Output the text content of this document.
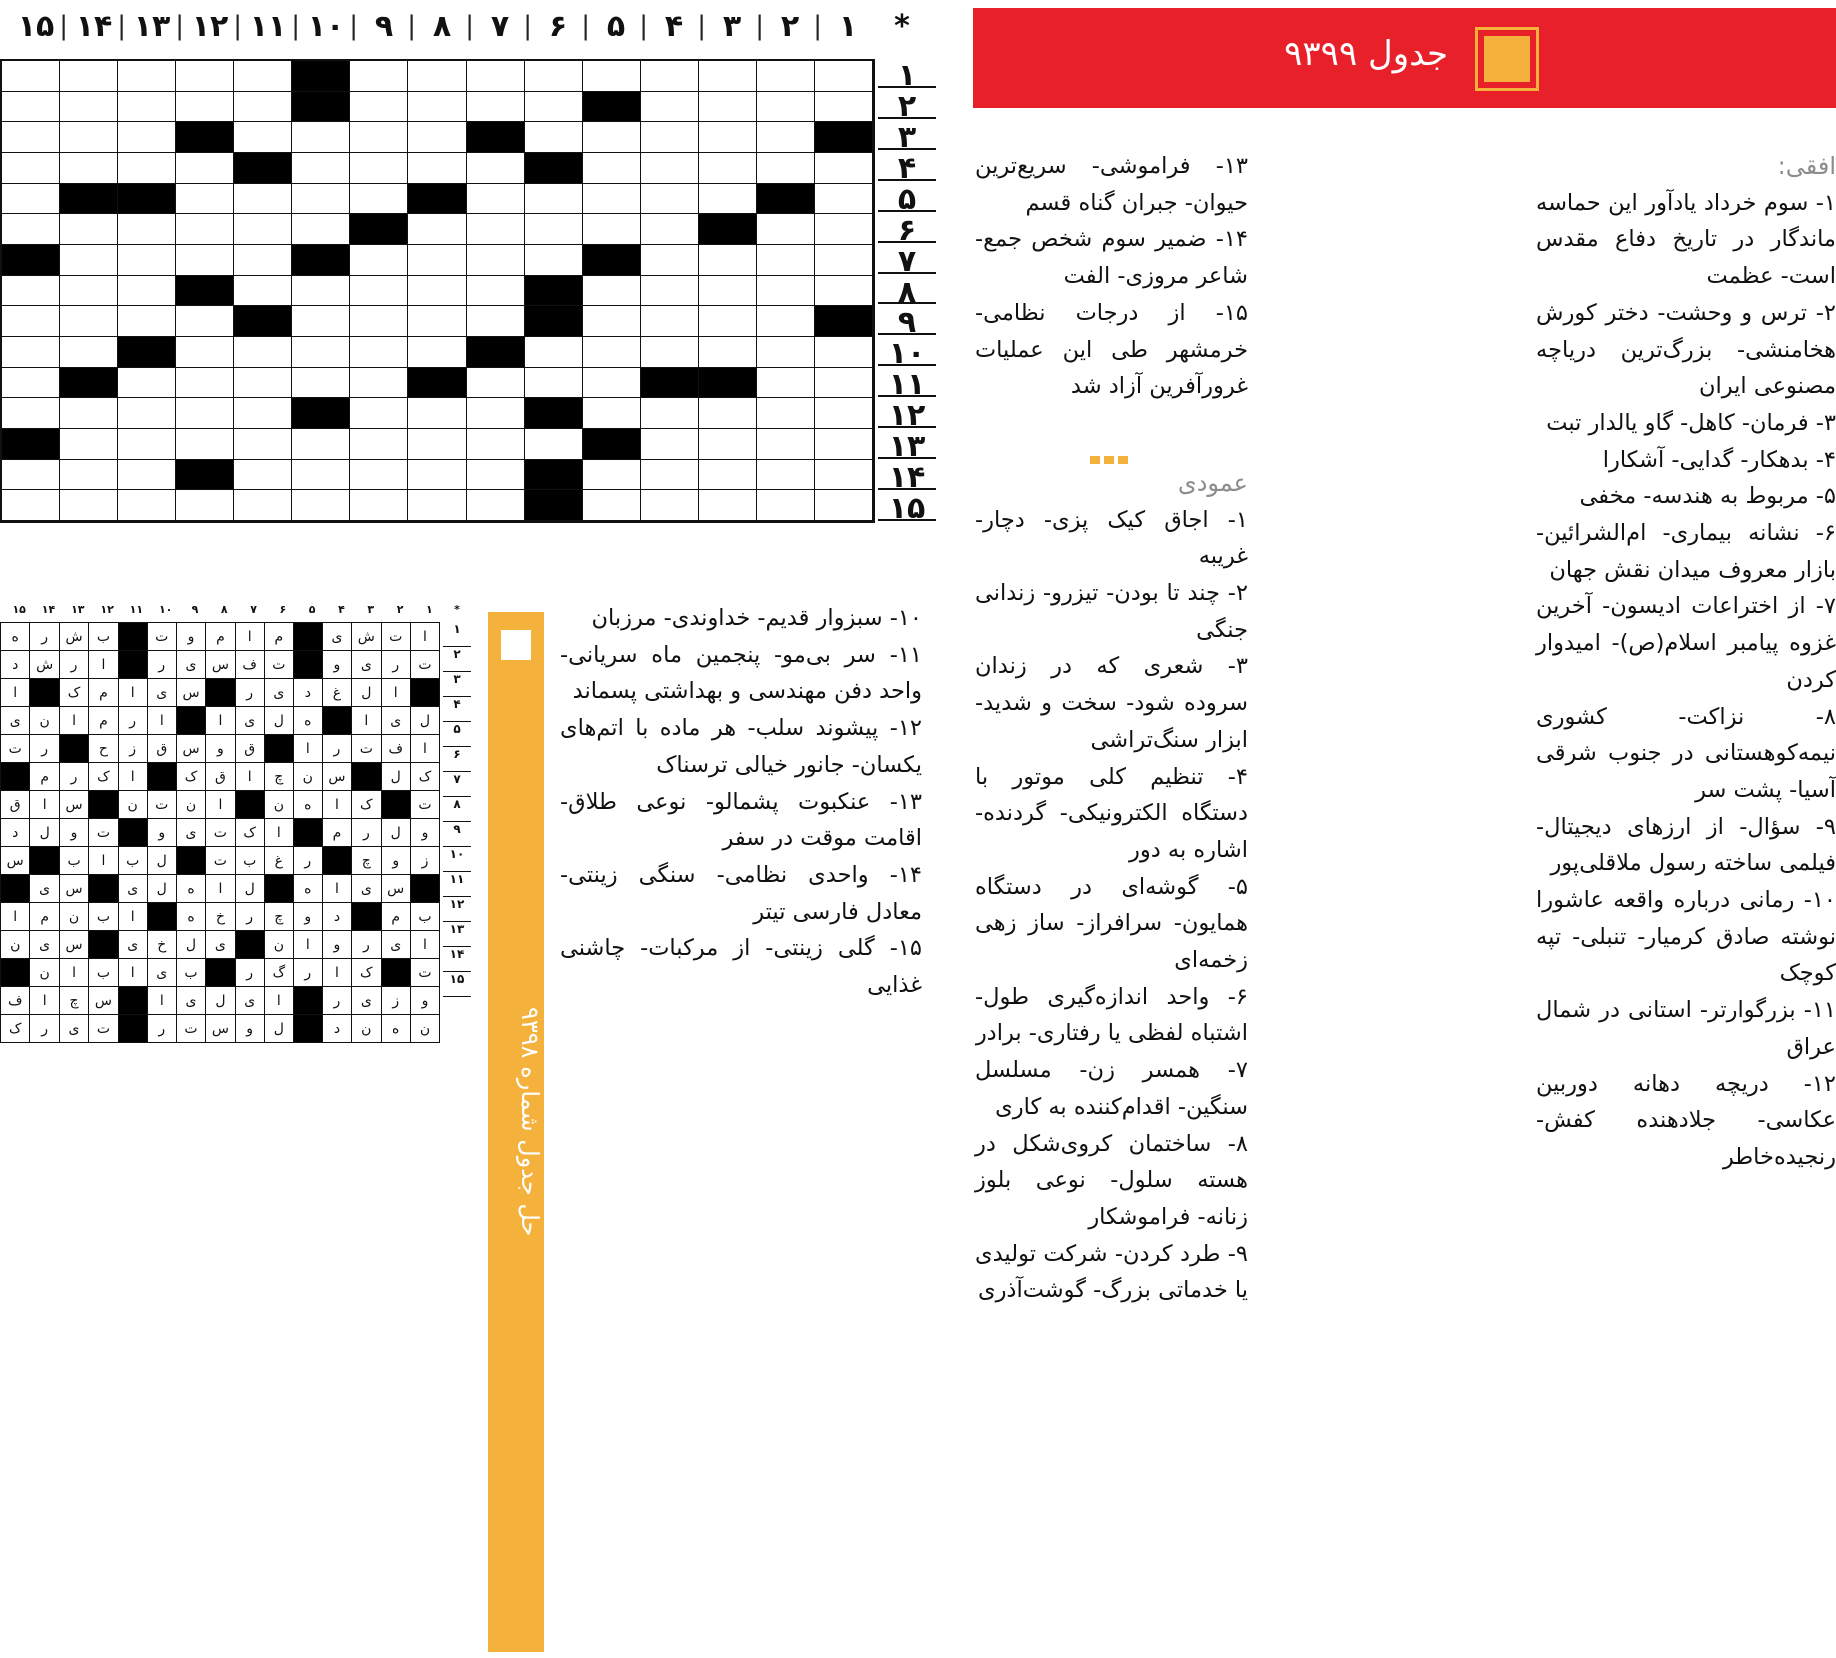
*
١
|
٢
|
٣
|
۴
|
۵
|
۶
|
٧
|
٨
|
٩
|
١٠
|
١١
|
١٢
|
١٣
|
١۴
|
١۵
١
٢
٣
۴
۵
۶
٧
٨
٩
١٠
١١
١٢
١٣
١۴
١۵
جدول ۹۳۹۹

افقی:

۱- سوم خرداد یادآور این حماسه ماندگار در تاریخ دفاع مقدس است- عظمت

۲- ترس و وحشت- دختر کورش هخامنشی- بزرگ‌ترین دریاچه مصنوعی ایران

۳- فرمان- کاهل- گاو یالدار تبت

۴- بدهکار- گدایی- آشکارا

۵- مربوط به هندسه- مخفی

۶- نشانه بیماری- ام‌الشرائین- بازار معروف میدان نقش جهان

۷- از اختراعات ادیسون- آخرین غزوه پیامبر اسلام(ص)- امیدوار کردن

۸- نزاکت- کشوری نیمه‌کوهستانی در جنوب شرقی آسیا- پشت سر

۹- سؤال- از ارزهای دیجیتال- فیلمی ساخته رسول ملاقلی‌پور

۱۰- رمانی درباره واقعه عاشورا نوشته صادق کرمیار- تنبلی- تپه کوچک

۱۱- بزرگوارتر- استانی در شمال عراق

۱۲- دریچه دهانه دوربین عکاسی- جلادهنده کفش- رنجیده‌خاطر

۱۳- فراموشی- سریع‌ترین حیوان- جبران گناه قسم

۱۴- ضمیر سوم شخص جمع- شاعر مروزی- الفت

۱۵- از درجات نظامی- خرمشهر طی این عملیات غرورآفرین آزاد شد

عمودی

۱- اجاق کیک پزی- دچار- غریبه

۲- چند تا بودن- تیزرو- زندانی جنگی

۳- شعری که در زندان سروده شود- سخت و شدید- ابزار سنگ‌تراشی

۴- تنظیم کلی موتور با دستگاه الکترونیکی- گردنده- اشاره به دور

۵- گوشه‌ای در دستگاه همایون- سرافراز- ساز زهی زخمه‌ای

۶- واحد اندازه‌گیری طول- اشتباه لفظی یا رفتاری- برادر

۷- همسر زن- مسلسل سنگین- اقدام‌کننده به کاری

۸- ساختمان کروی‌شکل در هسته سلول- نوعی بلوز زنانه- فراموشکار

۹- طرد کردن- شرکت تولیدی یا خدماتی بزرگ- گوشت‌آذری

۱۰- سبزوار قدیم- خداوندی- مرزبان

۱۱- سر بی‌مو- پنجمین ماه سریانی- واحد دفن مهندسی و بهداشتی پسماند

۱۲- پیشوند سلب- هر ماده با اتم‌های یکسان- جانور خیالی ترسناک

۱۳- عنکبوت پشمالو- نوعی طلاق- اقامت موقت در سفر

۱۴- واحدی نظامی- سنگی زینتی- معادل فارسی تیتر

۱۵- گلی زینتی- از مرکبات- چاشنی غذایی

حل جدول شماره ۹۳۹۸
*
١
٢
٣
۴
۵
۶
٧
٨
٩
١٠
١١
١٢
١٣
١۴
١۵
١
٢
٣
۴
۵
۶
٧
٨
٩
١٠
١١
١٢
١٣
١۴
١۵
ا	ت	ش	ی		م	ا	م	و	ت		ب	ش	ر	ه
ت	ر	ی	و		ت	ف	س	ی	ر		ا	ر	ش	د
	ا	ل	غ	د	ی	ر		س	ی	ا	م	ک		ا
ل	ی	ا		ه	ل	ی	ا		ا	ر	م	ا	ن	ی
ا	ف	ت	ر	ا		ق	و	س	ق	ز	ح		ر	ت
ک	ل		س	ن	چ	ا	ق	ک		ا	ک	ر	م	
ت		ک	ا	ه	ن		ا	ن	ت	ن		س	ا	ق
و	ل	ر	م		ا	ک	ت	ی	و		ت	و	ل	د
ز	و	چ		ر	غ	ب	ت		ل	ب	ا	ب		س
	س	ی	ا	ه		ل	ا	ه	ل	ی		س	ی	
ب	م		د	و	چ	ر	خ	ه		ا	ب	ن	م	ا
ا	ی	ر	و	ا	ن		ی	ل	خ	ی		س	ی	ن
ت		ک	ا	ر	گ	ر		ب	ی	ا	ب	ا	ن	
و	ز	ی	ر		ا	ی	ل	ی	ا		س	چ	ا	ف
ن	ه	ن	د		ل	و	س	ت	ر		ت	ی	ر	ک
